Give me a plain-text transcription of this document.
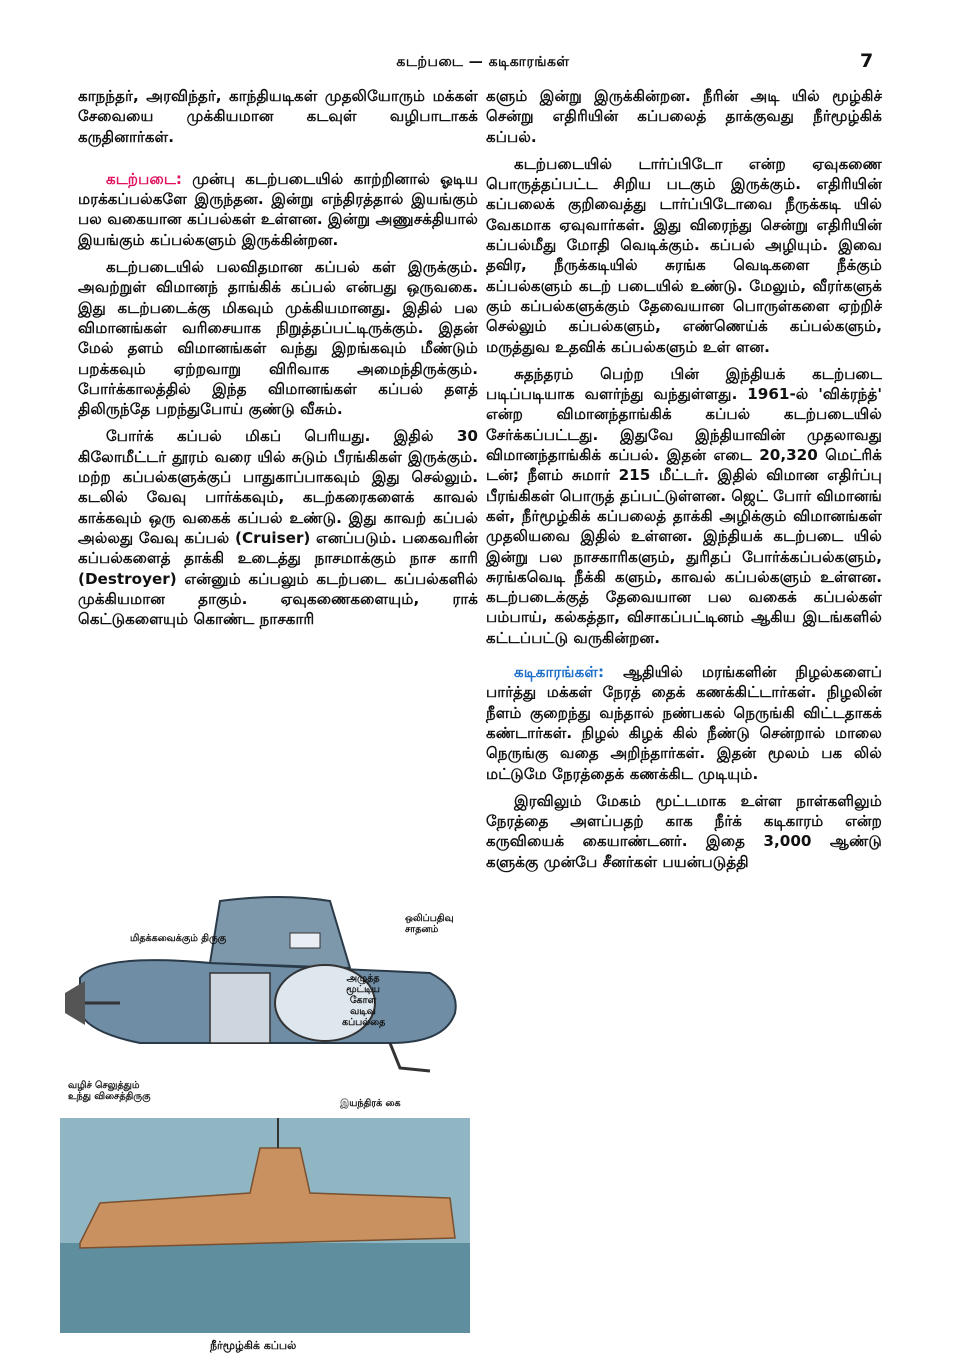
கடற்படை — கடிகாரங்கள்	7

காநந்தர், அரவிந்தர், காந்தியடிகள் முதலியோரும் மக்கள் சேவையை முக்கியமான கடவுள் வழிபாடாகக் கருதினார்கள்.

கடற்படை: முன்பு கடற்படையில் காற்றினால் ஓடிய மரக்கப்பல்களே இருந்தன. இன்று எந்திரத்தால் இயங்கும் பல வகையான கப்பல்கள் உள்ளன. இன்று அணுசக்தியால் இயங்கும் கப்பல்களும் இருக்கின்றன.

கடற்படையில் பலவிதமான கப்பல் கள் இருக்கும். அவற்றுள் விமானந் தாங்கிக் கப்பல் என்பது ஒருவகை. இது கடற்படைக்கு மிகவும் முக்கியமானது. இதில் பல விமானங்கள் வரிசையாக நிறுத்தப்பட்டிருக்கும். இதன் மேல் தளம் விமானங்கள் வந்து இறங்கவும் மீண்டும் பறக்கவும் ஏற்றவாறு விரிவாக அமைந்திருக்கும். போர்க்காலத்தில் இந்த விமானங்கள் கப்பல் தளத் திலிருந்தே பறந்துபோய் குண்டு வீசும்.

போர்க் கப்பல் மிகப் பெரியது. இதில் 30 கிலோமீட்டர் தூரம் வரை யில் சுடும் பீரங்கிகள் இருக்கும். மற்ற கப்பல்களுக்குப் பாதுகாப்பாகவும் இது செல்லும். கடலில் வேவு பார்க்கவும், கடற்கரைகளைக் காவல் காக்கவும் ஒரு வகைக் கப்பல் உண்டு. இது காவற் கப்பல் அல்லது வேவு கப்பல் (Cruiser) எனப்படும். பகைவரின் கப்பல்களைத் தாக்கி உடைத்து நாசமாக்கும் நாச காரி (Destroyer) என்னும் கப்பலும் கடற்படை கப்பல்களில் முக்கியமான தாகும். ஏவுகணைகளையும், ராக் கெட்டுகளையும் கொண்ட நாசகாரி

களும் இன்று இருக்கின்றன. நீரின் அடி யில் மூழ்கிச் சென்று எதிரியின் கப்பலைத் தாக்குவது நீர்மூழ்கிக் கப்பல்.

கடற்படையில் டார்ப்பிடோ என்ற ஏவுகணை பொருத்தப்பட்ட சிறிய படகும் இருக்கும். எதிரியின் கப்பலைக் குறிவைத்து டார்ப்பிடோவை நீருக்கடி யில் வேகமாக ஏவுவார்கள். இது விரைந்து சென்று எதிரியின் கப்பல்மீது மோதி வெடிக்கும். கப்பல் அழியும். இவை தவிர, நீருக்கடியில் சுரங்க வெடிகளை நீக்கும் கப்பல்களும் கடற் படையில் உண்டு. மேலும், வீரர்களுக் கும் கப்பல்களுக்கும் தேவையான பொருள்களை ஏற்றிச் செல்லும் கப்பல்களும், எண்ணெய்க் கப்பல்களும், மருத்துவ உதவிக் கப்பல்களும் உள் ளன.

சுதந்தரம் பெற்ற பின் இந்தியக் கடற்படை படிப்படியாக வளர்ந்து வந்துள்ளது. 1961-ல் 'விக்ரந்த்' என்ற விமானந்தாங்கிக் கப்பல் கடற்படையில் சேர்க்கப்பட்டது. இதுவே இந்தியாவின் முதலாவது விமானந்தாங்கிக் கப்பல். இதன் எடை 20,320 மெட்ரிக் டன்; நீளம் சுமார் 215 மீட்டர். இதில் விமான எதிர்ப்பு பீரங்கிகள் பொருத் தப்பட்டுள்ளன. ஜெட் போர் விமானங் கள், நீர்மூழ்கிக் கப்பலைத் தாக்கி அழிக்கும் விமானங்கள் முதலியவை இதில் உள்ளன. இந்தியக் கடற்படை யில் இன்று பல நாசகாரிகளும், துரிதப் போர்க்கப்பல்களும், சுரங்கவெடி நீக்கி களும், காவல் கப்பல்களும் உள்ளன. கடற்படைக்குத் தேவையான பல வகைக் கப்பல்கள் பம்பாய், கல்கத்தா, விசாகப்பட்டினம் ஆகிய இடங்களில் கட்டப்பட்டு வருகின்றன.

கடிகாரங்கள்: ஆதியில் மரங்களின் நிழல்களைப் பார்த்து மக்கள் நேரத் தைக் கணக்கிட்டார்கள். நிழலின் நீளம் குறைந்து வந்தால் நண்பகல் நெருங்கி விட்டதாகக் கண்டார்கள். நிழல் கிழக் கில் நீண்டு சென்றால் மாலை நெருங்கு வதை அறிந்தார்கள். இதன் மூலம் பக லில் மட்டுமே நேரத்தைக் கணக்கிட முடியும்.

இரவிலும் மேகம் மூட்டமாக உள்ள நாள்களிலும் நேரத்தை அளப்பதற் காக நீர்க் கடிகாரம் என்ற கருவியைக் கையாண்டனர். இதை 3,000 ஆண்டு களுக்கு முன்பே சீனர்கள் பயன்படுத்தி

ஒலிப்பதிவு சாதனம்
மிதக்கவைக்கும் திருகு
அழுத்த மூட்டிய கோள வடிவ கப்பல்தை
வழிச் செலுத்தும் உந்து விசைத்திருகு
இயந்திரக் கை
நீர்மூழ்கிக் கப்பல்
